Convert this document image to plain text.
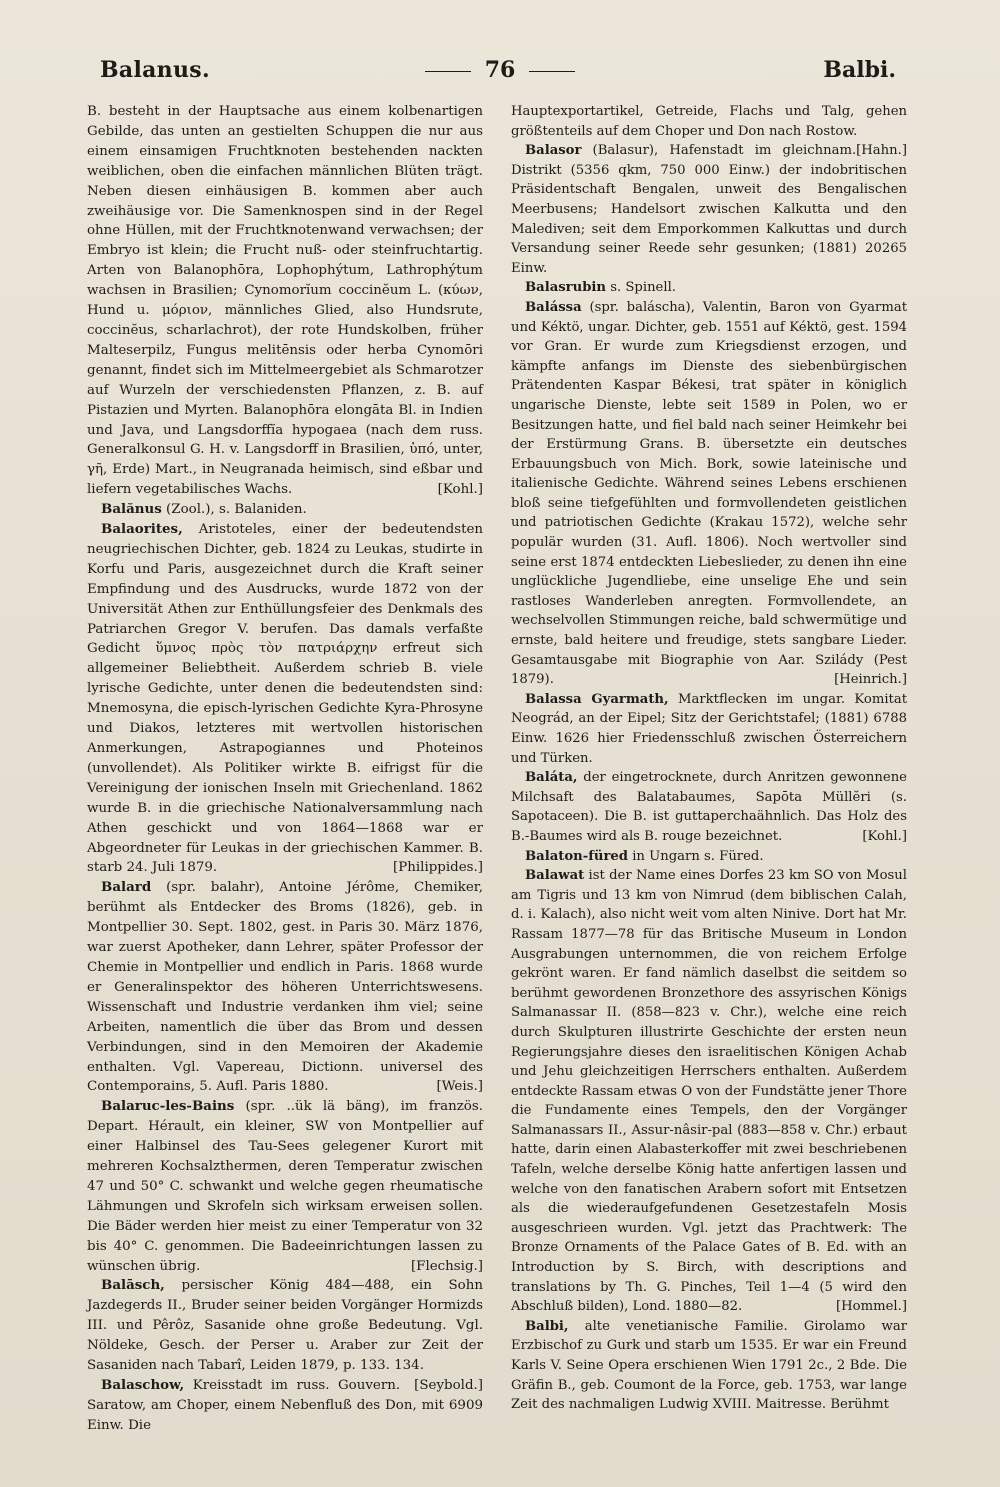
Balanus.	76	Balbi.

B. besteht in der Hauptsache aus einem kolbenartigen Gebilde, das unten an gestielten Schuppen die nur aus einem einsamigen Fruchtknoten bestehenden nackten weiblichen, oben die einfachen männlichen Blüten trägt. Neben diesen einhäusigen B. kommen aber auch zweihäusige vor. Die Samenknospen sind in der Regel ohne Hüllen, mit der Fruchtknotenwand verwachsen; der Embryo ist klein; die Frucht nuß- oder steinfruchtartig. Arten von Balanophōra, Lophophýtum, Lathrophýtum wachsen in Brasilien; Cynomorĭum coccinĕum L. (κύων, Hund u. μόριον, männliches Glied, also Hundsrute, coccinĕus, scharlachrot), der rote Hundskolben, früher Malteserpilz, Fungus melitēnsis oder herba Cynomōri genannt, findet sich im Mittelmeergebiet als Schmarotzer auf Wurzeln der verschiedensten Pflanzen, z. B. auf Pistazien und Myrten. Balanophōra elongāta Bl. in Indien und Java, und Langsdorffĭa hypogaea (nach dem russ. Generalkonsul G. H. v. Langsdorff in Brasilien, ὑπό, unter, γῆ, Erde) Mart., in Neugranada heimisch, sind eßbar und liefern vegetabilisches Wachs.	[Kohl.]

Balănus (Zool.), s. Balaniden.

Balaorites, Aristoteles, einer der bedeutendsten neugriechischen Dichter, geb. 1824 zu Leukas, studirte in Korfu und Paris, ausgezeichnet durch die Kraft seiner Empfindung und des Ausdrucks, wurde 1872 von der Universität Athen zur Enthüllungsfeier des Denkmals des Patriarchen Gregor V. berufen. Das damals verfaßte Gedicht ὕμνος πρὸς τὸν πατριάρχην erfreut sich allgemeiner Beliebtheit. Außerdem schrieb B. viele lyrische Gedichte, unter denen die bedeutendsten sind: Mnemosyna, die episch-lyrischen Gedichte Kyra-Phrosyne und Diakos, letzteres mit wertvollen historischen Anmerkungen, Astrapogiannes und Photeinos (unvollendet). Als Politiker wirkte B. eifrigst für die Vereinigung der ionischen Inseln mit Griechenland. 1862 wurde B. in die griechische Nationalversammlung nach Athen geschickt und von 1864—1868 war er Abgeordneter für Leukas in der griechischen Kammer. B. starb 24. Juli 1879.	[Philippides.]

Balard (spr. balahr), Antoine Jérôme, Chemiker, berühmt als Entdecker des Broms (1826), geb. in Montpellier 30. Sept. 1802, gest. in Paris 30. März 1876, war zuerst Apotheker, dann Lehrer, später Professor der Chemie in Montpellier und endlich in Paris. 1868 wurde er Generalinspektor des höheren Unterrichtswesens. Wissenschaft und Industrie verdanken ihm viel; seine Arbeiten, namentlich die über das Brom und dessen Verbindungen, sind in den Memoiren der Akademie enthalten. Vgl. Vapereau, Dictionn. universel des Contemporains, 5. Aufl. Paris 1880.	[Weis.]

Balaruc-les-Bains (spr. ..ük lä bäng), im französ. Depart. Hérault, ein kleiner, SW von Montpellier auf einer Halbinsel des Tau-Sees gelegener Kurort mit mehreren Kochsalzthermen, deren Temperatur zwischen 47 und 50° C. schwankt und welche gegen rheumatische Lähmungen und Skrofeln sich wirksam erweisen sollen. Die Bäder werden hier meist zu einer Temperatur von 32 bis 40° C. genommen. Die Badeeinrichtungen lassen zu wünschen übrig.	[Flechsig.]

Balāsch, persischer König 484—488, ein Sohn Jazdegerds II., Bruder seiner beiden Vorgänger Hormizds III. und Pêrôz, Sasanide ohne große Bedeutung. Vgl. Nöldeke, Gesch. der Perser u. Araber zur Zeit der Sasaniden nach Tabarî, Leiden 1879, p. 133. 134.
[Seybold.]

Balaschow, Kreisstadt im russ. Gouvern. Saratow, am Choper, einem Nebenfluß des Don, mit 6909 Einw. Die

Hauptexportartikel, Getreide, Flachs und Talg, gehen größtenteils auf dem Choper und Don nach Rostow.
[Hahn.]

Balasor (Balasur), Hafenstadt im gleichnam. Distrikt (5356 qkm, 750 000 Einw.) der indobritischen Präsidentschaft Bengalen, unweit des Bengalischen Meerbusens; Handelsort zwischen Kalkutta und den Malediven; seit dem Emporkommen Kalkuttas und durch Versandung seiner Reede sehr gesunken; (1881) 20265 Einw.

Balasrubin s. Spinell.

Balássa (spr. baláscha), Valentin, Baron von Gyarmat und Kéktö, ungar. Dichter, geb. 1551 auf Kéktö, gest. 1594 vor Gran. Er wurde zum Kriegsdienst erzogen, und kämpfte anfangs im Dienste des siebenbürgischen Prätendenten Kaspar Békesi, trat später in königlich ungarische Dienste, lebte seit 1589 in Polen, wo er Besitzungen hatte, und fiel bald nach seiner Heimkehr bei der Erstürmung Grans. B. übersetzte ein deutsches Erbauungsbuch von Mich. Bork, sowie lateinische und italienische Gedichte. Während seines Lebens erschienen bloß seine tiefgefühlten und formvollendeten geistlichen und patriotischen Gedichte (Krakau 1572), welche sehr populär wurden (31. Aufl. 1806). Noch wertvoller sind seine erst 1874 entdeckten Liebeslieder, zu denen ihn eine unglückliche Jugendliebe, eine unselige Ehe und sein rastloses Wanderleben anregten. Formvollendete, an wechselvollen Stimmungen reiche, bald schwermütige und ernste, bald heitere und freudige, stets sangbare Lieder. Gesamtausgabe mit Biographie von Aar. Szilády (Pest 1879).	[Heinrich.]

Balassa Gyarmath, Marktflecken im ungar. Komitat Neográd, an der Eipel; Sitz der Gerichtstafel; (1881) 6788 Einw. 1626 hier Friedensschluß zwischen Österreichern und Türken.

Baláta, der eingetrocknete, durch Anritzen gewonnene Milchsaft des Balatabaumes, Sapōta Müllĕri (s. Sapotaceen). Die B. ist guttaperchaähnlich. Das Holz des B.-Baumes wird als B. rouge bezeichnet.	[Kohl.]

Balaton-füred in Ungarn s. Füred.

Balawat ist der Name eines Dorfes 23 km SO von Mosul am Tigris und 13 km von Nimrud (dem biblischen Calah, d. i. Kalach), also nicht weit vom alten Ninive. Dort hat Mr. Rassam 1877—78 für das Britische Museum in London Ausgrabungen unternommen, die von reichem Erfolge gekrönt waren. Er fand nämlich daselbst die seitdem so berühmt gewordenen Bronzethore des assyrischen Königs Salmanassar II. (858—823 v. Chr.), welche eine reich durch Skulpturen illustrirte Geschichte der ersten neun Regierungsjahre dieses den israelitischen Königen Achab und Jehu gleichzeitigen Herrschers enthalten. Außerdem entdeckte Rassam etwas O von der Fundstätte jener Thore die Fundamente eines Tempels, den der Vorgänger Salmanassars II., Assur-nâsir-pal (883—858 v. Chr.) erbaut hatte, darin einen Alabasterkoffer mit zwei beschriebenen Tafeln, welche derselbe König hatte anfertigen lassen und welche von den fanatischen Arabern sofort mit Entsetzen als die wiederaufgefundenen Gesetzestafeln Mosis ausgeschrieen wurden. Vgl. jetzt das Prachtwerk: The Bronze Ornaments of the Palace Gates of B. Ed. with an Introduction by S. Birch, with descriptions and translations by Th. G. Pinches, Teil 1—4 (5 wird den Abschluß bilden), Lond. 1880—82.	[Hommel.]

Balbi, alte venetianische Familie. Girolamo war Erzbischof zu Gurk und starb um 1535. Er war ein Freund Karls V. Seine Opera erschienen Wien 1791 2c., 2 Bde. Die Gräfin B., geb. Coumont de la Force, geb. 1753, war lange Zeit des nachmaligen Ludwig XVIII. Maitresse. Berühmt
